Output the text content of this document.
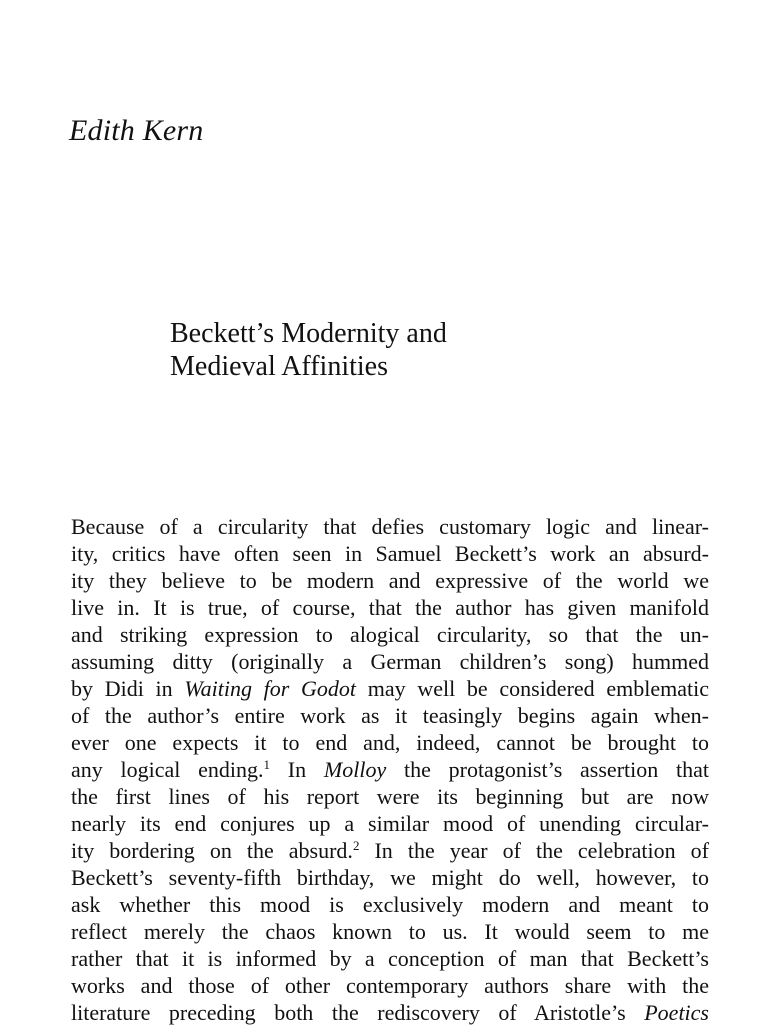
Edith Kern
Beckett’s Modernity and
Medieval Affinities
Because of a circularity that defies customary logic and linear-
ity, critics have often seen in Samuel Beckett’s work an absurd-
ity they believe to be modern and expressive of the world we
live in. It is true, of course, that the author has given manifold
and striking expression to alogical circularity, so that the un-
assuming ditty (originally a German children’s song) hummed
by Didi in Waiting for Godot may well be considered emblematic
of the author’s entire work as it teasingly begins again when-
ever one expects it to end and, indeed, cannot be brought to
any logical ending.$^1$ In Molloy the protagonist’s assertion that
the first lines of his report were its beginning but are now
nearly its end conjures up a similar mood of unending circular-
ity bordering on the absurd.$^2$ In the year of the celebration of
Beckett’s seventy-fifth birthday, we might do well, however, to
ask whether this mood is exclusively modern and meant to
reflect merely the chaos known to us. It would seem to me
rather that it is informed by a conception of man that Beckett’s
works and those of other contemporary authors share with the
literature preceding both the rediscovery of Aristotle’s Poetics
